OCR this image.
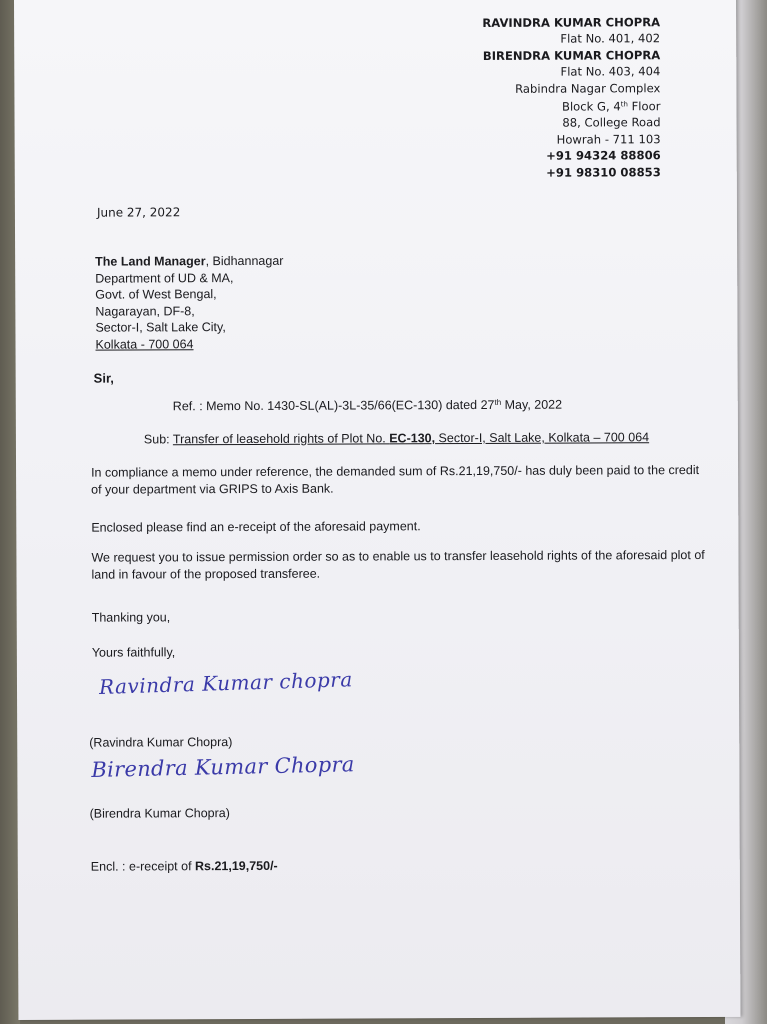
RAVINDRA KUMAR CHOPRA
Flat No. 401, 402
BIRENDRA KUMAR CHOPRA
Flat No. 403, 404
Rabindra Nagar Complex
Block G, 4th Floor
88, College Road
Howrah - 711 103
+91 94324 88806
+91 98310 08853
June 27, 2022
The Land Manager, Bidhannagar
Department of UD & MA,
Govt. of West Bengal,
Nagarayan, DF-8,
Sector-I, Salt Lake City,
Kolkata - 700 064
Sir,
Ref. : Memo No. 1430-SL(AL)-3L-35/66(EC-130) dated 27th May, 2022
Sub: Transfer of leasehold rights of Plot No. EC-130, Sector-I, Salt Lake, Kolkata – 700 064
In compliance a memo under reference, the demanded sum of Rs.21,19,750/- has duly been paid to the credit of your department via GRIPS to Axis Bank.
Enclosed please find an e-receipt of the aforesaid payment.
We request you to issue permission order so as to enable us to transfer leasehold rights of the aforesaid plot of land in favour of the proposed transferee.
Thanking you,
Yours faithfully,
Ravindra Kumar chopra
(Ravindra Kumar Chopra)
Birendra Kumar Chopra
(Birendra Kumar Chopra)
Encl. : e-receipt of Rs.21,19,750/-
